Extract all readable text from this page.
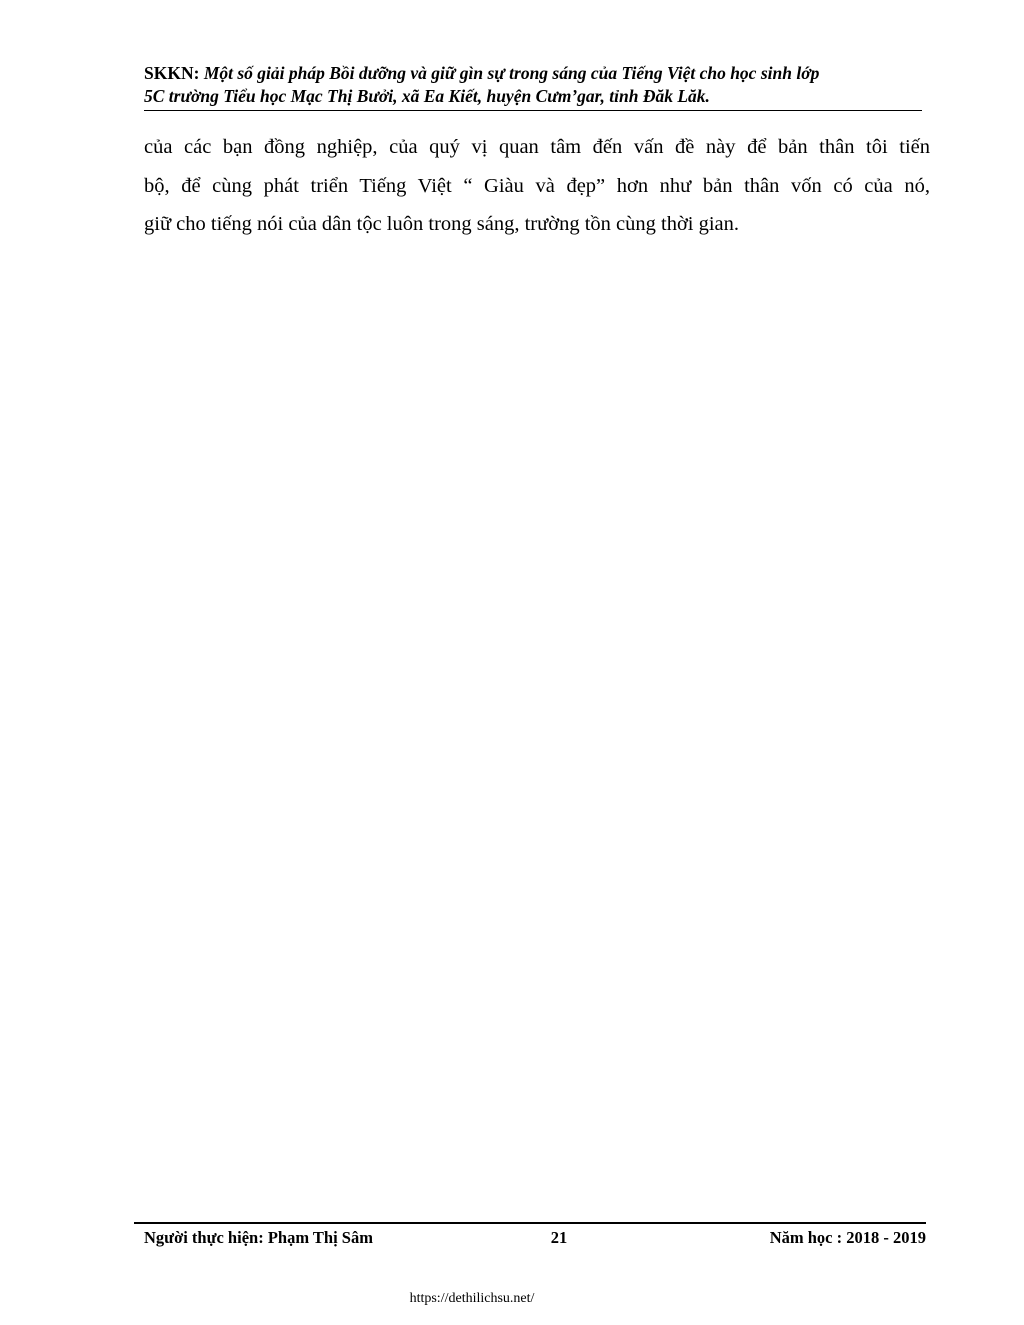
SKKN: Một số giải pháp Bồi dưỡng và giữ gìn sự trong sáng của Tiếng Việt cho học sinh lớp
5C trường Tiểu học Mạc Thị Bưởi, xã Ea Kiết, huyện Cưm’gar, tỉnh Đăk Lăk.
của các bạn đồng nghiệp, của quý vị quan tâm đến vấn đề này để bản thân tôi tiến
bộ, để cùng phát triển Tiếng Việt “ Giàu và đẹp” hơn như bản thân vốn có của nó,
giữ cho tiếng nói của dân tộc luôn trong sáng, trường tồn cùng thời gian.
Người thực hiện: Phạm Thị Sâm	21	Năm học : 2018 - 2019
https://dethilichsu.net/
